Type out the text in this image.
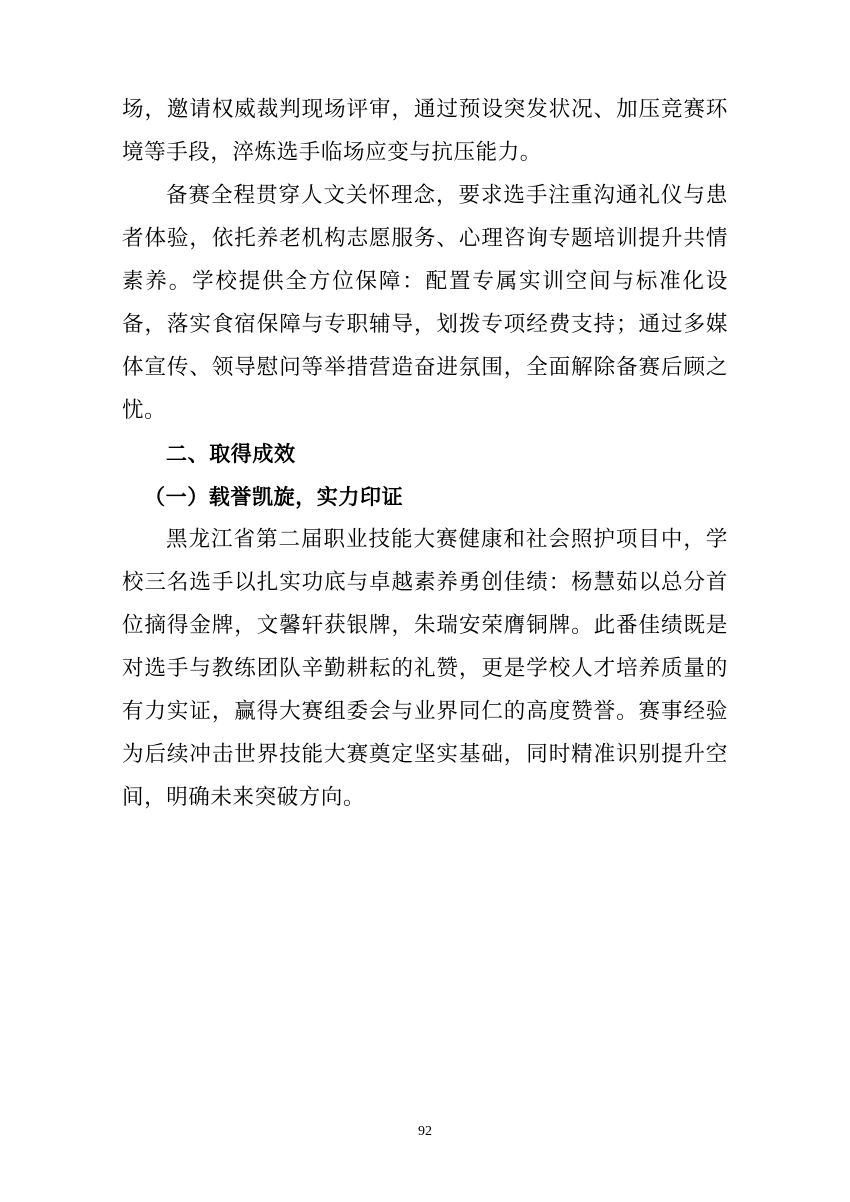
场，邀请权威裁判现场评审，通过预设突发状况、加压竞赛环境等手段，淬炼选手临场应变与抗压能力。

备赛全程贯穿人文关怀理念，要求选手注重沟通礼仪与患者体验，依托养老机构志愿服务、心理咨询专题培训提升共情素养。学校提供全方位保障：配置专属实训空间与标准化设备，落实食宿保障与专职辅导，划拨专项经费支持；通过多媒体宣传、领导慰问等举措营造奋进氛围，全面解除备赛后顾之忧。

二、取得成效

（一）载誉凯旋，实力印证

黑龙江省第二届职业技能大赛健康和社会照护项目中，学校三名选手以扎实功底与卓越素养勇创佳绩：杨慧茹以总分首位摘得金牌，文馨轩获银牌，朱瑞安荣膺铜牌。此番佳绩既是对选手与教练团队辛勤耕耘的礼赞，更是学校人才培养质量的有力实证，赢得大赛组委会与业界同仁的高度赞誉。赛事经验为后续冲击世界技能大赛奠定坚实基础，同时精准识别提升空间，明确未来突破方向。

92
